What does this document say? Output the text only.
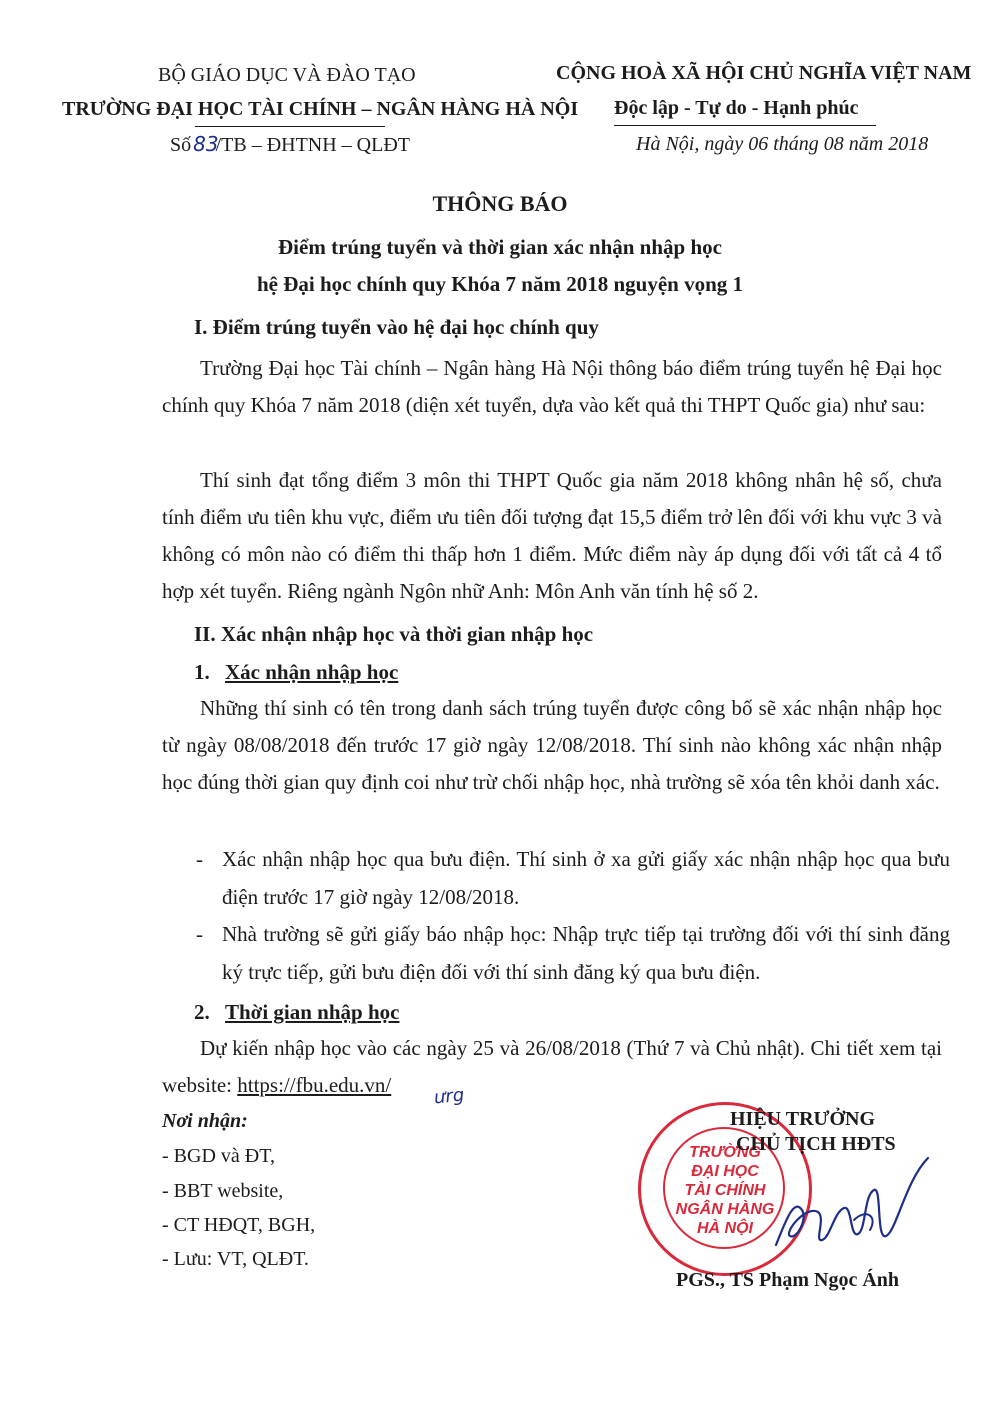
BỘ GIÁO DỤC VÀ ĐÀO TẠO
TRƯỜNG ĐẠI HỌC TÀI CHÍNH – NGÂN HÀNG HÀ NỘI
Số 83/TB – ĐHTNH – QLĐT
CỘNG HOÀ XÃ HỘI CHỦ NGHĨA VIỆT NAM
Độc lập - Tự do - Hạnh phúc
Hà Nội, ngày 06 tháng 08 năm 2018
THÔNG BÁO
Điểm trúng tuyển và thời gian xác nhận nhập học
hệ Đại học chính quy Khóa 7 năm 2018 nguyện vọng 1
I. Điểm trúng tuyển vào hệ đại học chính quy
Trường Đại học Tài chính – Ngân hàng Hà Nội thông báo điểm trúng tuyển hệ Đại học chính quy Khóa 7 năm 2018 (diện xét tuyển, dựa vào kết quả thi THPT Quốc gia) như sau:
Thí sinh đạt tổng điểm 3 môn thi THPT Quốc gia năm 2018 không nhân hệ số, chưa tính điểm ưu tiên khu vực, điểm ưu tiên đối tượng đạt 15,5 điểm trở lên đối với khu vực 3 và không có môn nào có điểm thi thấp hơn 1 điểm. Mức điểm này áp dụng đối với tất cả 4 tổ hợp xét tuyển. Riêng ngành Ngôn nhữ Anh: Môn Anh văn tính hệ số 2.
II. Xác nhận nhập học và thời gian nhập học
1. Xác nhận nhập học
Những thí sinh có tên trong danh sách trúng tuyển được công bố sẽ xác nhận nhập học từ ngày 08/08/2018 đến trước 17 giờ ngày 12/08/2018. Thí sinh nào không xác nhận nhập học đúng thời gian quy định coi như trừ chối nhập học, nhà trường sẽ xóa tên khỏi danh xác.
- Xác nhận nhập học qua bưu điện. Thí sinh ở xa gửi giấy xác nhận nhập học qua bưu điện trước 17 giờ ngày 12/08/2018.
- Nhà trường sẽ gửi giấy báo nhập học: Nhập trực tiếp tại trường đối với thí sinh đăng ký trực tiếp, gửi bưu điện đối với thí sinh đăng ký qua bưu điện.
2. Thời gian nhập học
Dự kiến nhập học vào các ngày 25 và 26/08/2018 (Thứ 7 và Chủ nhật). Chi tiết xem tại website: https://fbu.edu.vn/	ưrg
Nơi nhận:
- BGD và ĐT,
- BBT website,
- CT HĐQT, BGH,
- Lưu: VT, QLĐT.
TRƯỜNG
ĐẠI HỌC
TÀI CHÍNH
NGÂN HÀNG
HÀ NỘI
HIỆU TRƯỞNG
CHỦ TỊCH HĐTS
PGS., TS Phạm Ngọc Ánh
